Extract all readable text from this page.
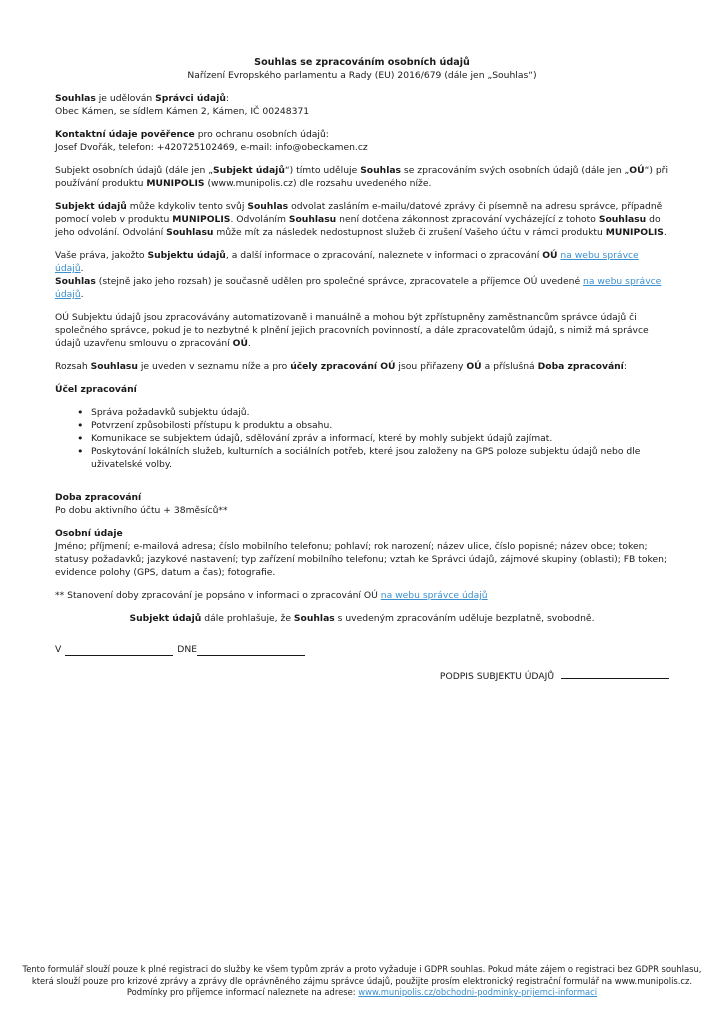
Souhlas se zpracováním osobních údajů
Nařízení Evropského parlamentu a Rady (EU) 2016/679 (dále jen „Souhlas“)

Souhlas je udělován Správci údajů:
Obec Kámen, se sídlem Kámen 2, Kámen, IČ 00248371

Kontaktní údaje pověřence pro ochranu osobních údajů:
Josef Dvořák, telefon: +420725102469, e-mail: info@obeckamen.cz

Subjekt osobních údajů (dále jen „Subjekt údajů“) tímto uděluje Souhlas se zpracováním svých osobních údajů (dále jen „OÚ“) při používání produktu MUNIPOLIS (www.munipolis.cz) dle rozsahu uvedeného níže.

Subjekt údajů může kdykoliv tento svůj Souhlas odvolat zasláním e-mailu/datové zprávy či písemně na adresu správce, případně pomocí voleb v produktu MUNIPOLIS. Odvoláním Souhlasu není dotčena zákonnost zpracování vycházející z tohoto Souhlasu do jeho odvolání. Odvolání Souhlasu může mít za následek nedostupnost služeb či zrušení Vašeho účtu v rámci produktu MUNIPOLIS.

Vaše práva, jakožto Subjektu údajů, a další informace o zpracování, naleznete v informaci o zpracování OÚ na webu správce údajů.
Souhlas (stejně jako jeho rozsah) je současně udělen pro společné správce, zpracovatele a příjemce OÚ uvedené na webu správce údajů.

OÚ Subjektu údajů jsou zpracovávány automatizovaně i manuálně a mohou být zpřístupněny zaměstnancům správce údajů či společného správce, pokud je to nezbytné k plnění jejich pracovních povinností, a dále zpracovatelům údajů, s nimiž má správce údajů uzavřenu smlouvu o zpracování OÚ.

Rozsah Souhlasu je uveden v seznamu níže a pro účely zpracování OÚ jsou přiřazeny OÚ a příslušná Doba zpracování:

Účel zpracování
• Správa požadavků subjektu údajů.
• Potvrzení způsobilosti přístupu k produktu a obsahu.
• Komunikace se subjektem údajů, sdělování zpráv a informací, které by mohly subjekt údajů zajímat.
• Poskytování lokálních služeb, kulturních a sociálních potřeb, které jsou založeny na GPS poloze subjektu údajů nebo dle uživatelské volby.
Doba zpracování
Po dobu aktivního účtu + 38měsíců**
Osobní údaje
Jméno; příjmení; e-mailová adresa; číslo mobilního telefonu; pohlaví; rok narození; název ulice, číslo popisné; název obce; token; statusy požadavků; jazykové nastavení; typ zařízení mobilního telefonu; vztah ke Správci údajů, zájmové skupiny (oblasti); FB token; evidence polohy (GPS, datum a čas); fotografie.

** Stanovení doby zpracování je popsáno v informaci o zpracování OÚ na webu správce údajů

Subjekt údajů dále prohlašuje, že Souhlas s uvedeným zpracováním uděluje bezplatně, svobodně.
V	DNE
PODPIS SUBJEKTU ÚDAJŮ
Tento formulář slouží pouze k plné registraci do služby ke všem typům zpráv a proto vyžaduje i GDPR souhlas. Pokud máte zájem o registraci bez GDPR souhlasu,
která slouží pouze pro krizové zprávy a zprávy dle oprávněného zájmu správce údajů, použijte prosím elektronický registrační formulář na www.munipolis.cz.
Podmínky pro příjemce informací naleznete na adrese: www.munipolis.cz/obchodni-podminky-prijemci-informaci
